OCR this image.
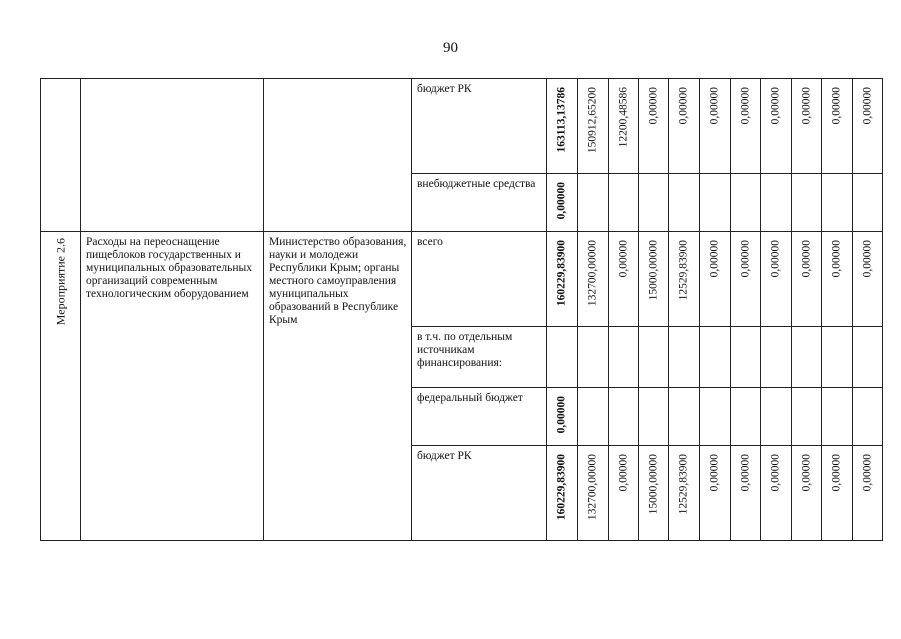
90

			бюджет РК	163113,13786	150912,65200	12200,48586	0,00000	0,00000	0,00000	0,00000	0,00000	0,00000	0,00000	0,00000

			внебюджетные средства	0,00000										

Мероприятие 2.6	Расходы на переоснащение пищеблоков государственных и муниципальных образовательных организаций современным технологическим оборудованием	Министерство образования, науки и молодежи Республики Крым; органы местного самоуправления муниципальных образований в Республике Крым	всего	160229,83900	132700,00000	0,00000	15000,00000	12529,83900	0,00000	0,00000	0,00000	0,00000	0,00000	0,00000

			в т.ч. по отдельным источникам финансирования:											

			федеральный бюджет	0,00000										

			бюджет РК	160229,83900	132700,00000	0,00000	15000,00000	12529,83900	0,00000	0,00000	0,00000	0,00000	0,00000	0,00000
